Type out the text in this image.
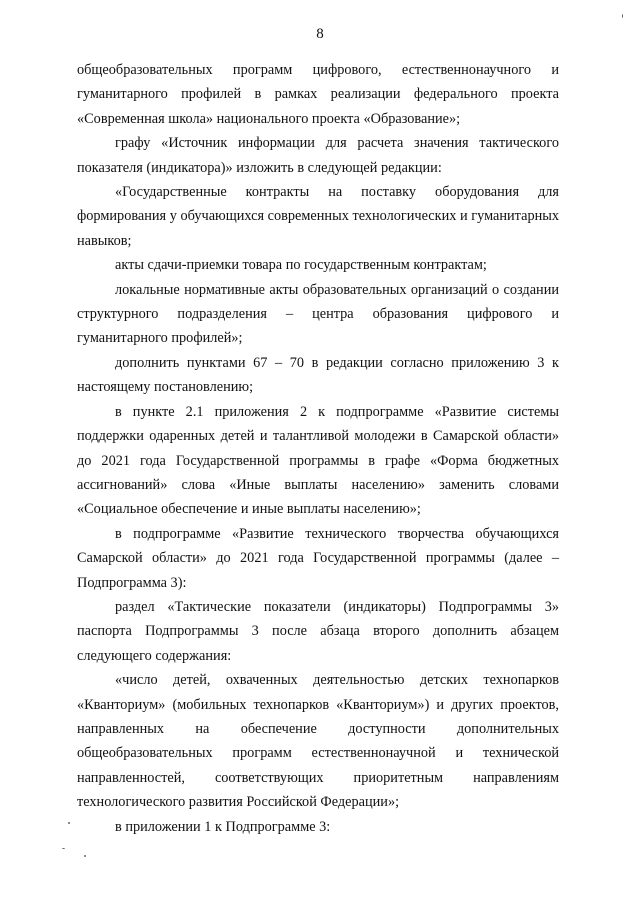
8

общеобразовательных программ цифрового, естественнонаучного и гуманитарного профилей в рамках реализации федерального проекта «Современная школа» национального проекта «Образование»;

графу «Источник информации для расчета значения тактического показателя (индикатора)» изложить в следующей редакции:

«Государственные контракты на поставку оборудования для формирования у обучающихся современных технологических и гуманитарных навыков;

акты сдачи-приемки товара по государственным контрактам;

локальные нормативные акты образовательных организаций о создании структурного подразделения – центра образования цифрового и гуманитарного профилей»;

дополнить пунктами 67 – 70 в редакции согласно приложению 3 к настоящему постановлению;

в пункте 2.1 приложения 2 к подпрограмме «Развитие системы поддержки одаренных детей и талантливой молодежи в Самарской области» до 2021 года Государственной программы в графе «Форма бюджетных ассигнований» слова «Иные выплаты населению» заменить словами «Социальное обеспечение и иные выплаты населению»;

в подпрограмме «Развитие технического творчества обучающихся Самарской области» до 2021 года Государственной программы (далее – Подпрограмма 3):

раздел «Тактические показатели (индикаторы) Подпрограммы 3» паспорта Подпрограммы 3 после абзаца второго дополнить абзацем следующего содержания:

«число детей, охваченных деятельностью детских технопарков «Кванториум» (мобильных технопарков «Кванториум») и других проектов, направленных на обеспечение доступности дополнительных общеобразовательных программ естественнонаучной и технической направленностей, соответствующих приоритетным направлениям технологического развития Российской Федерации»;

в приложении 1 к Подпрограмме 3:
